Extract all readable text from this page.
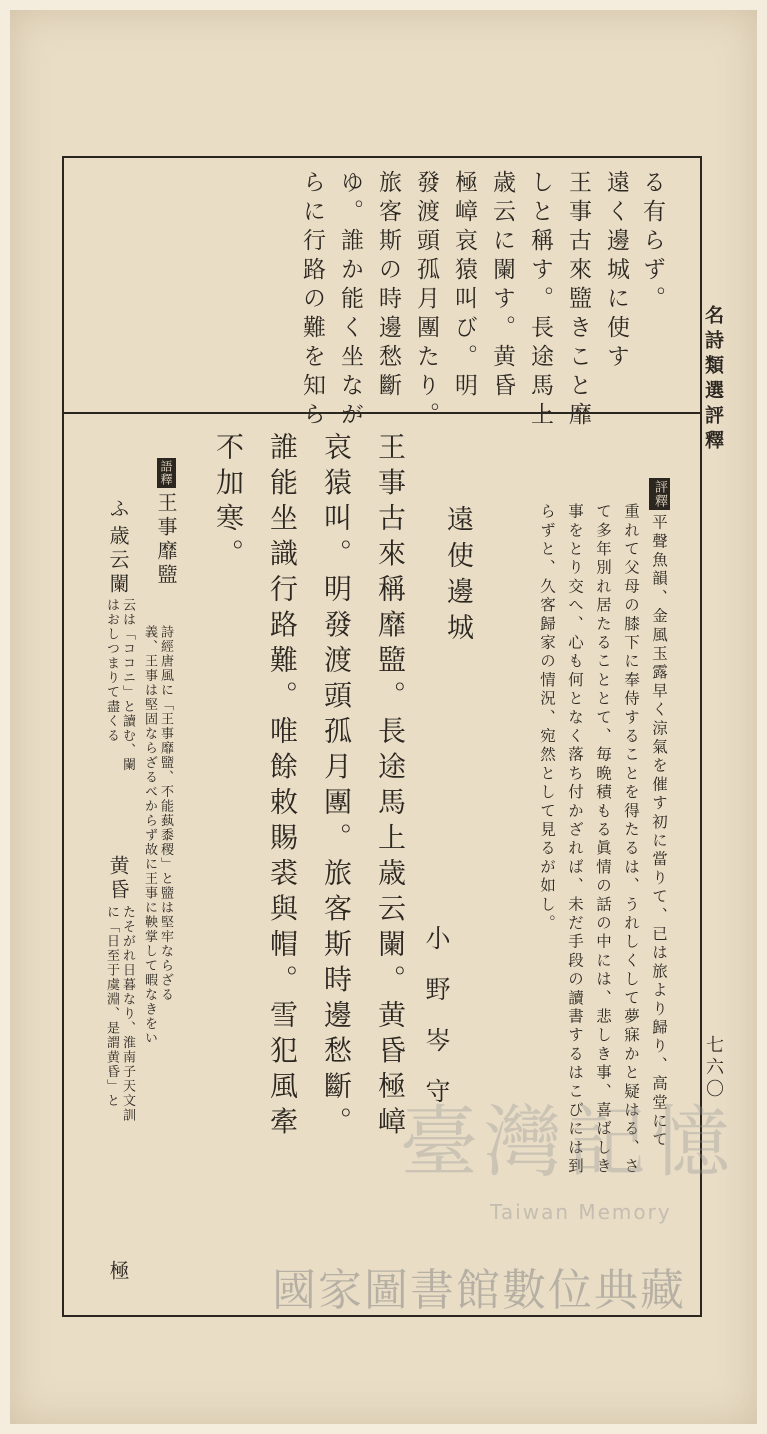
名詩類選評釋
七六〇
る有らず。
遠く邊城に使す
王事古來盬きこと靡
しと稱す。長途馬上
歳云に闌す。黄昏
極嶂哀猿叫び。明
發渡頭孤月團たり。
旅客斯の時邊愁斷
ゆ。誰か能く坐なが
らに行路の難を知ら
評釋平聲魚韻、金風玉露早く涼氣を催す初に當りて、已は旅より歸り、高堂にて
重れて父母の膝下に奉侍することを得たるは、うれしくして夢寐かと疑はる、さ
て多年別れ居たることとて、毎晩積もる眞情の話の中には、悲しき事、喜ばしき
事をとり交へ、心も何となく落ち付かざれば、未だ手段の讀書するはこびには到
らずと、久客歸家の情況、宛然として見るが如し。
遠使邊城
小野岑守
王事古來稱靡盬。長途馬上歳云闌。黄昏極嶂
哀猿叫。明發渡頭孤月團。旅客斯時邊愁斷。
誰能坐識行路難。唯餘敕賜裘與帽。雪犯風牽
不加寒。
語釋王事靡盬
詩經唐風に「王事靡盬、不能蓺黍稷」と盬は堅牢ならざる
義、王事は堅固ならざるべからず故に王事に鞅掌して暇なきをい
ふ
歳云闌
云は「ココニ」と讀む、闌
はおしつまりて盡くる
黄昏
たそがれ日暮なり、淮南子天文訓
に「日至于虞淵、是謂黄昏」と
極
臺灣記憶
Taiwan Memory
國家圖書館數位典藏
